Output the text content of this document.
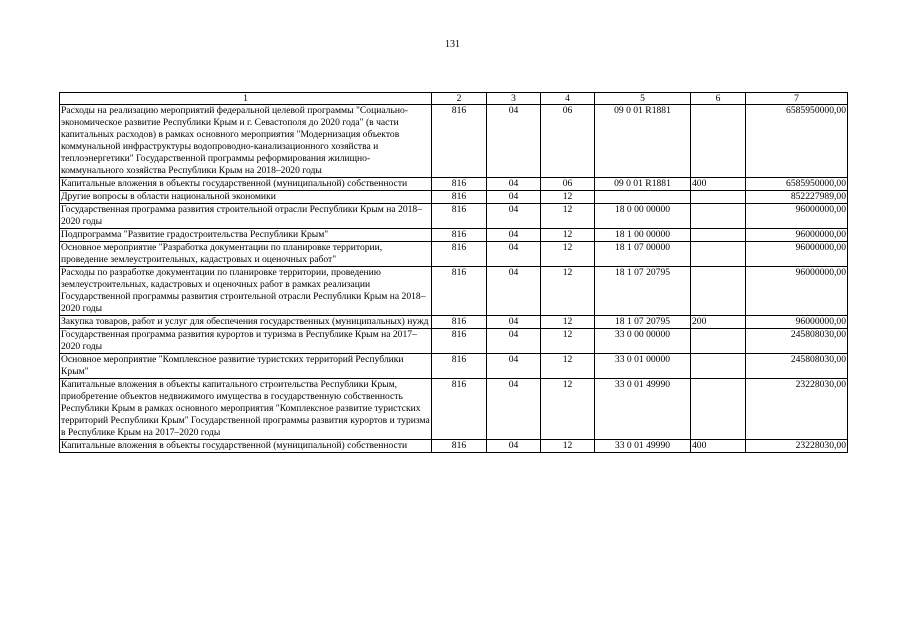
131
1	2	3	4	5	6	7
Расходы на реализацию мероприятий федеральной целевой программы "Социально-экономическое развитие Республики Крым и г. Севастополя до 2020 года" (в части капитальных расходов) в рамках основного мероприятия "Модернизация объектов коммунальной инфраструктуры водопроводно-канализационного хозяйства и теплоэнергетики" Государственной программы реформирования жилищно-коммунального хозяйства Республики Крым на 2018–2020 годы	816	04	06	09 0 01 R1881		6585950000,00
Капитальные вложения в объекты государственной (муниципальной) собственности	816	04	06	09 0 01 R1881	400	6585950000,00
Другие вопросы в области национальной экономики	816	04	12			852227989,00
Государственная программа развития строительной отрасли Республики Крым на 2018–2020 годы	816	04	12	18 0 00 00000		96000000,00
Подпрограмма "Развитие градостроительства Республики Крым"	816	04	12	18 1 00 00000		96000000,00
Основное мероприятие "Разработка документации по планировке территории, проведение землеустроительных, кадастровых и оценочных работ"	816	04	12	18 1 07 00000		96000000,00
Расходы по разработке документации по планировке территории, проведению землеустроительных, кадастровых и оценочных работ в рамках реализации Государственной программы развития строительной отрасли Республики Крым на 2018–2020 годы	816	04	12	18 1 07 20795		96000000,00
Закупка товаров, работ и услуг для обеспечения государственных (муниципальных) нужд	816	04	12	18 1 07 20795	200	96000000,00
Государственная программа развития курортов и туризма в Республике Крым на 2017–2020 годы	816	04	12	33 0 00 00000		245808030,00
Основное мероприятие "Комплексное развитие туристских территорий Республики Крым"	816	04	12	33 0 01 00000		245808030,00
Капитальные вложения в объекты капитального строительства Республики Крым, приобретение объектов недвижимого имущества в государственную собственность Республики Крым в рамках основного мероприятия "Комплексное развитие туристских территорий Республики Крым" Государственной программы развития курортов и туризма в Республике Крым на 2017–2020 годы	816	04	12	33 0 01 49990		23228030,00
Капитальные вложения в объекты государственной (муниципальной) собственности	816	04	12	33 0 01 49990	400	23228030,00
